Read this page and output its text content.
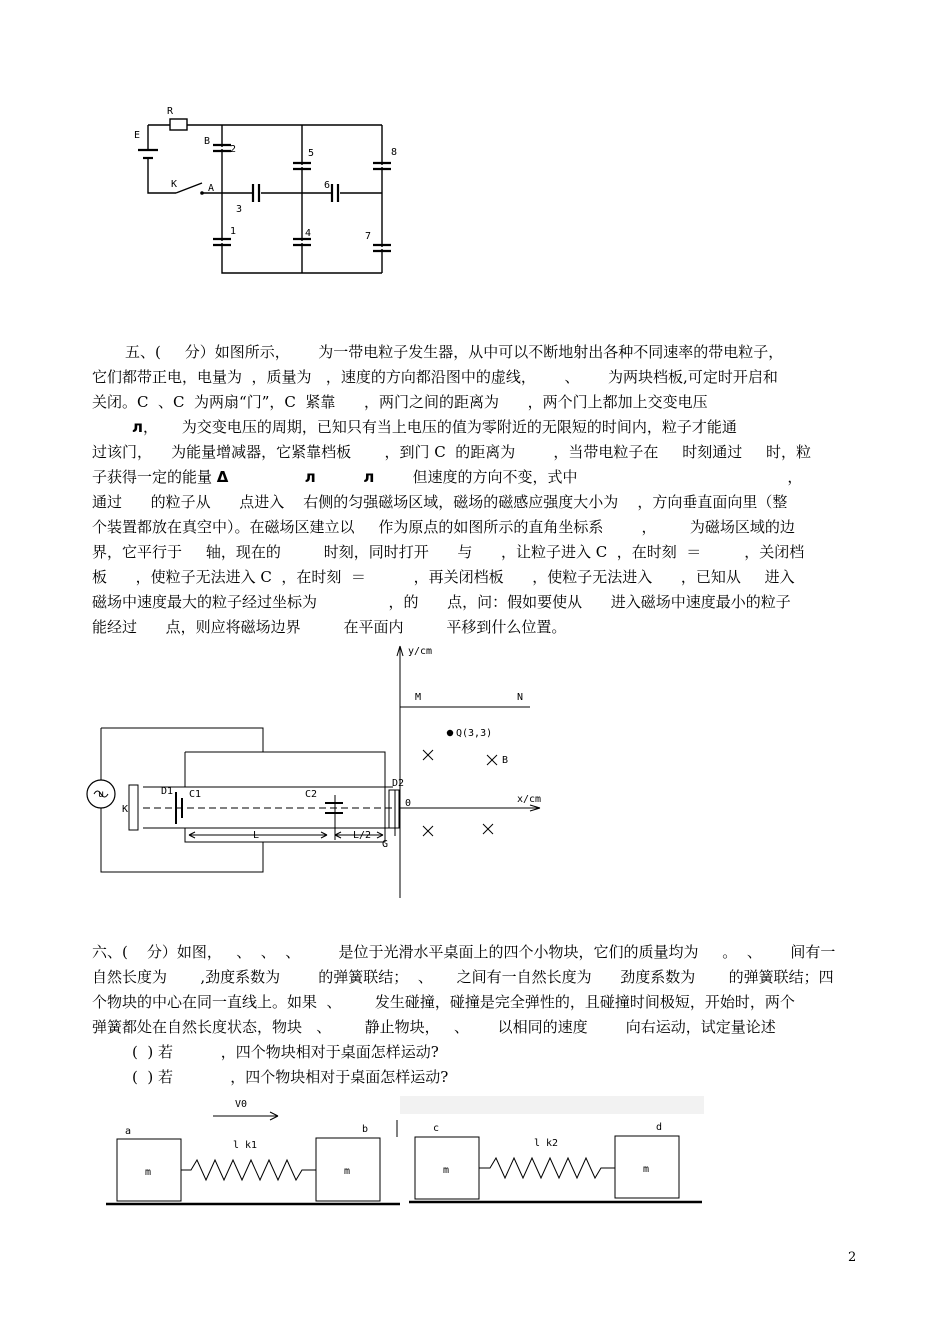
R
B
E
K	A
1
2
3
4
5
6
7
8
五、(     分）如图所示，      为一带电粒子发生器，从中可以不断地射出各种不同速率的带电粒子，
它们都带正电，电量为  ，质量为   ，速度的方向都沿图中的虚线，      、      为两块档板,可定时开启和
关闭。C  、C  为两扇“门”，C  紧靠      ，两门之间的距离为      ，两个门上都加上交变电压
л，     为交变电压的周期，已知只有当上电压的值为零附近的无限短的时间内，粒子才能通
过该门，    为能量增减器，它紧靠档板       ，到门 C  的距离为        ，当带电粒子在     时刻通过     时，粒
子获得一定的能量 Δ	л	л	但速度的方向不变，式中                                            ，
通过      的粒子从      点进入    右侧的匀强磁场区域，磁场的磁感应强度大小为    ，方向垂直面向里（整
个装置都放在真空中）。在磁场区建立以     作为原点的如图所示的直角坐标系        ，       为磁场区域的边
界，它平行于     轴，现在的         时刻，同时打开      与      ，让粒子进入 C  ，在时刻  ＝         ，关闭档
板      ，使粒子无法进入 C  ，在时刻  ＝          ，再关闭档板      ，使粒子无法进入      ，已知从     进入
磁场中速度最大的粒子经过坐标为               ，的      点，问：假如要使从      进入磁场中速度最小的粒子
能经过      点，则应将磁场边界         在平面内         平移到什么位置。
y/cm
x/cm
M	N
Q(3,3)
B
0
D1 C1	C2
D2
K
u
L	L/2
G
六、(    分）如图，   、  、  、        是位于光滑水平桌面上的四个小物块，它们的质量均为     。  、      间有一
自然长度为       ,劲度系数为        的弹簧联结；  、     之间有一自然长度为      劲度系数为       的弹簧联结；四
个物块的中心在同一直线上。如果  、       发生碰撞，碰撞是完全弹性的，且碰撞时间极短，开始时，两个
弹簧都处在自然长度状态，物块   、       静止物块，   、      以相同的速度        向右运动，试定量论述
(  ) 若          ，四个物块相对于桌面怎样运动?
(  ) 若            ，四个物块相对于桌面怎样运动?
V0
a	b	c	d
l k1	l k2
m	m	m	m
2
